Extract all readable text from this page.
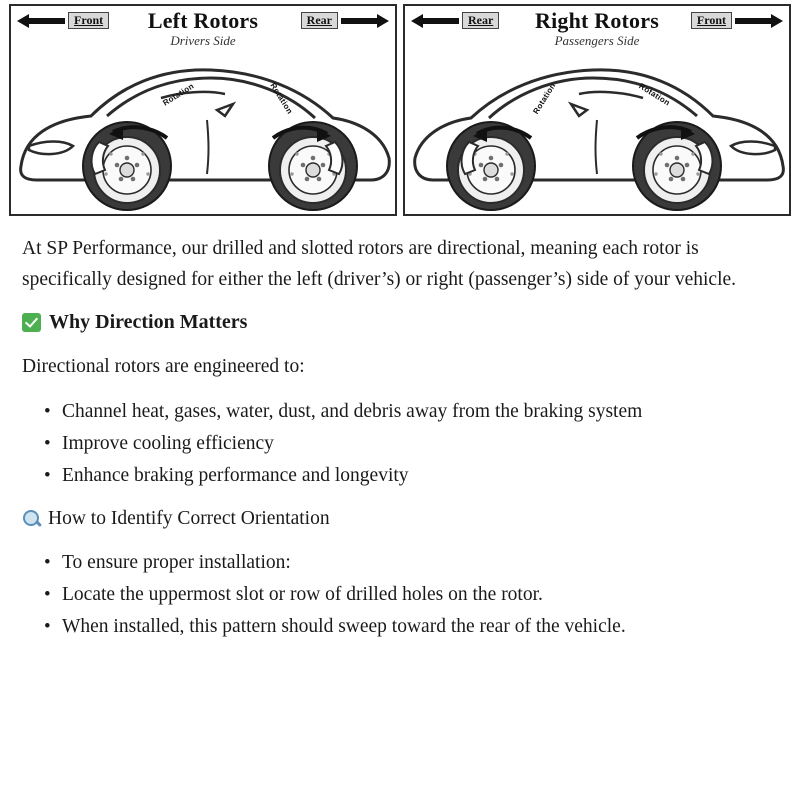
Left Rotors
Drivers Side
Front	Rear
Rotation	Rotation
Right Rotors
Passengers Side
Rear	Front
Rotation
Rotation

At SP Performance, our drilled and slotted rotors are directional, meaning each rotor is specifically designed for either the left (driver’s) or right (passenger’s) side of your vehicle.

Why Direction Matters

Directional rotors are engineered to:

• Channel heat, gases, water, dust, and debris away from the braking system
• Improve cooling efficiency
• Enhance braking performance and longevity
How to Identify Correct Orientation
• To ensure proper installation:
• Locate the uppermost slot or row of drilled holes on the rotor.
• When installed, this pattern should sweep toward the rear of the vehicle.
